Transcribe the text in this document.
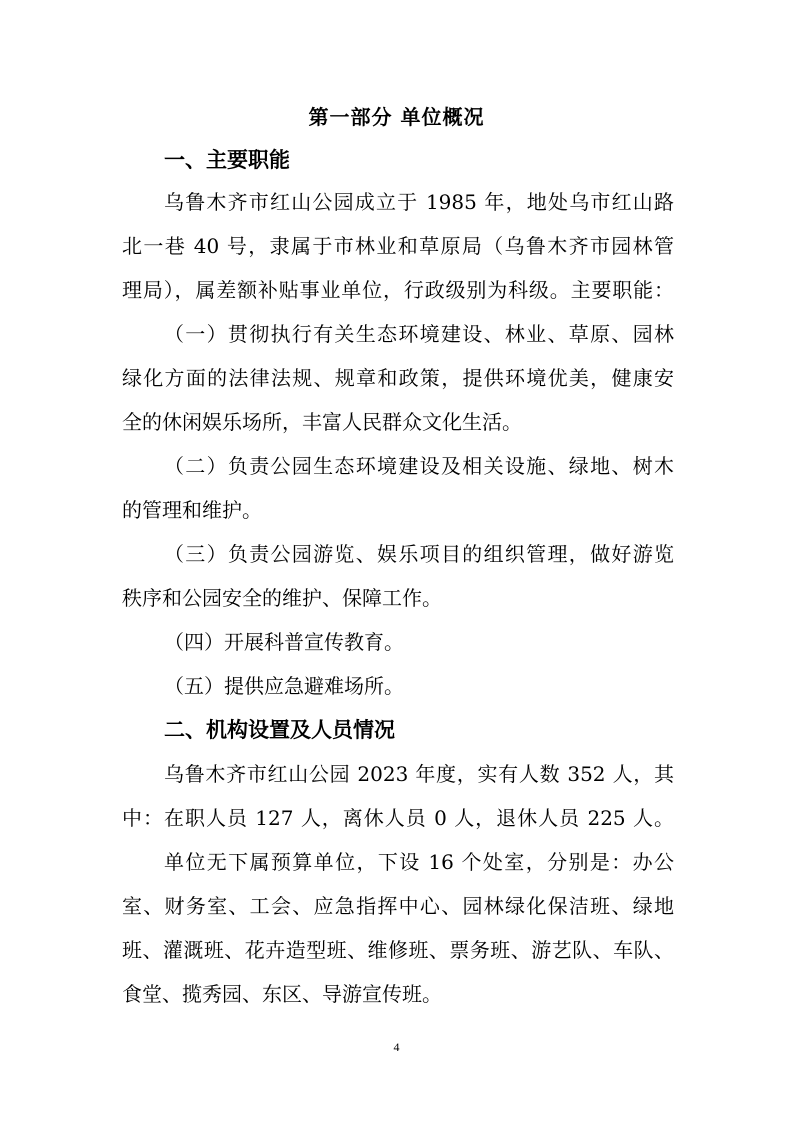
第一部分 单位概况
一、主要职能
乌鲁木齐市红山公园成立于 1985 年，地处乌市红山路
北一巷 40 号，隶属于市林业和草原局（乌鲁木齐市园林管
理局），属差额补贴事业单位，行政级别为科级。主要职能：
（一）贯彻执行有关生态环境建设、林业、草原、园林
绿化方面的法律法规、规章和政策，提供环境优美，健康安
全的休闲娱乐场所，丰富人民群众文化生活。
（二）负责公园生态环境建设及相关设施、绿地、树木
的管理和维护。
（三）负责公园游览、娱乐项目的组织管理，做好游览
秩序和公园安全的维护、保障工作。
（四）开展科普宣传教育。
（五）提供应急避难场所。
二、机构设置及人员情况
乌鲁木齐市红山公园 2023 年度，实有人数 352 人，其
中：在职人员 127 人，离休人员 0 人，退休人员 225 人。
单位无下属预算单位，下设 16 个处室，分别是：办公
室、财务室、工会、应急指挥中心、园林绿化保洁班、绿地
班、灌溉班、花卉造型班、维修班、票务班、游艺队、车队、
食堂、揽秀园、东区、导游宣传班。
4
